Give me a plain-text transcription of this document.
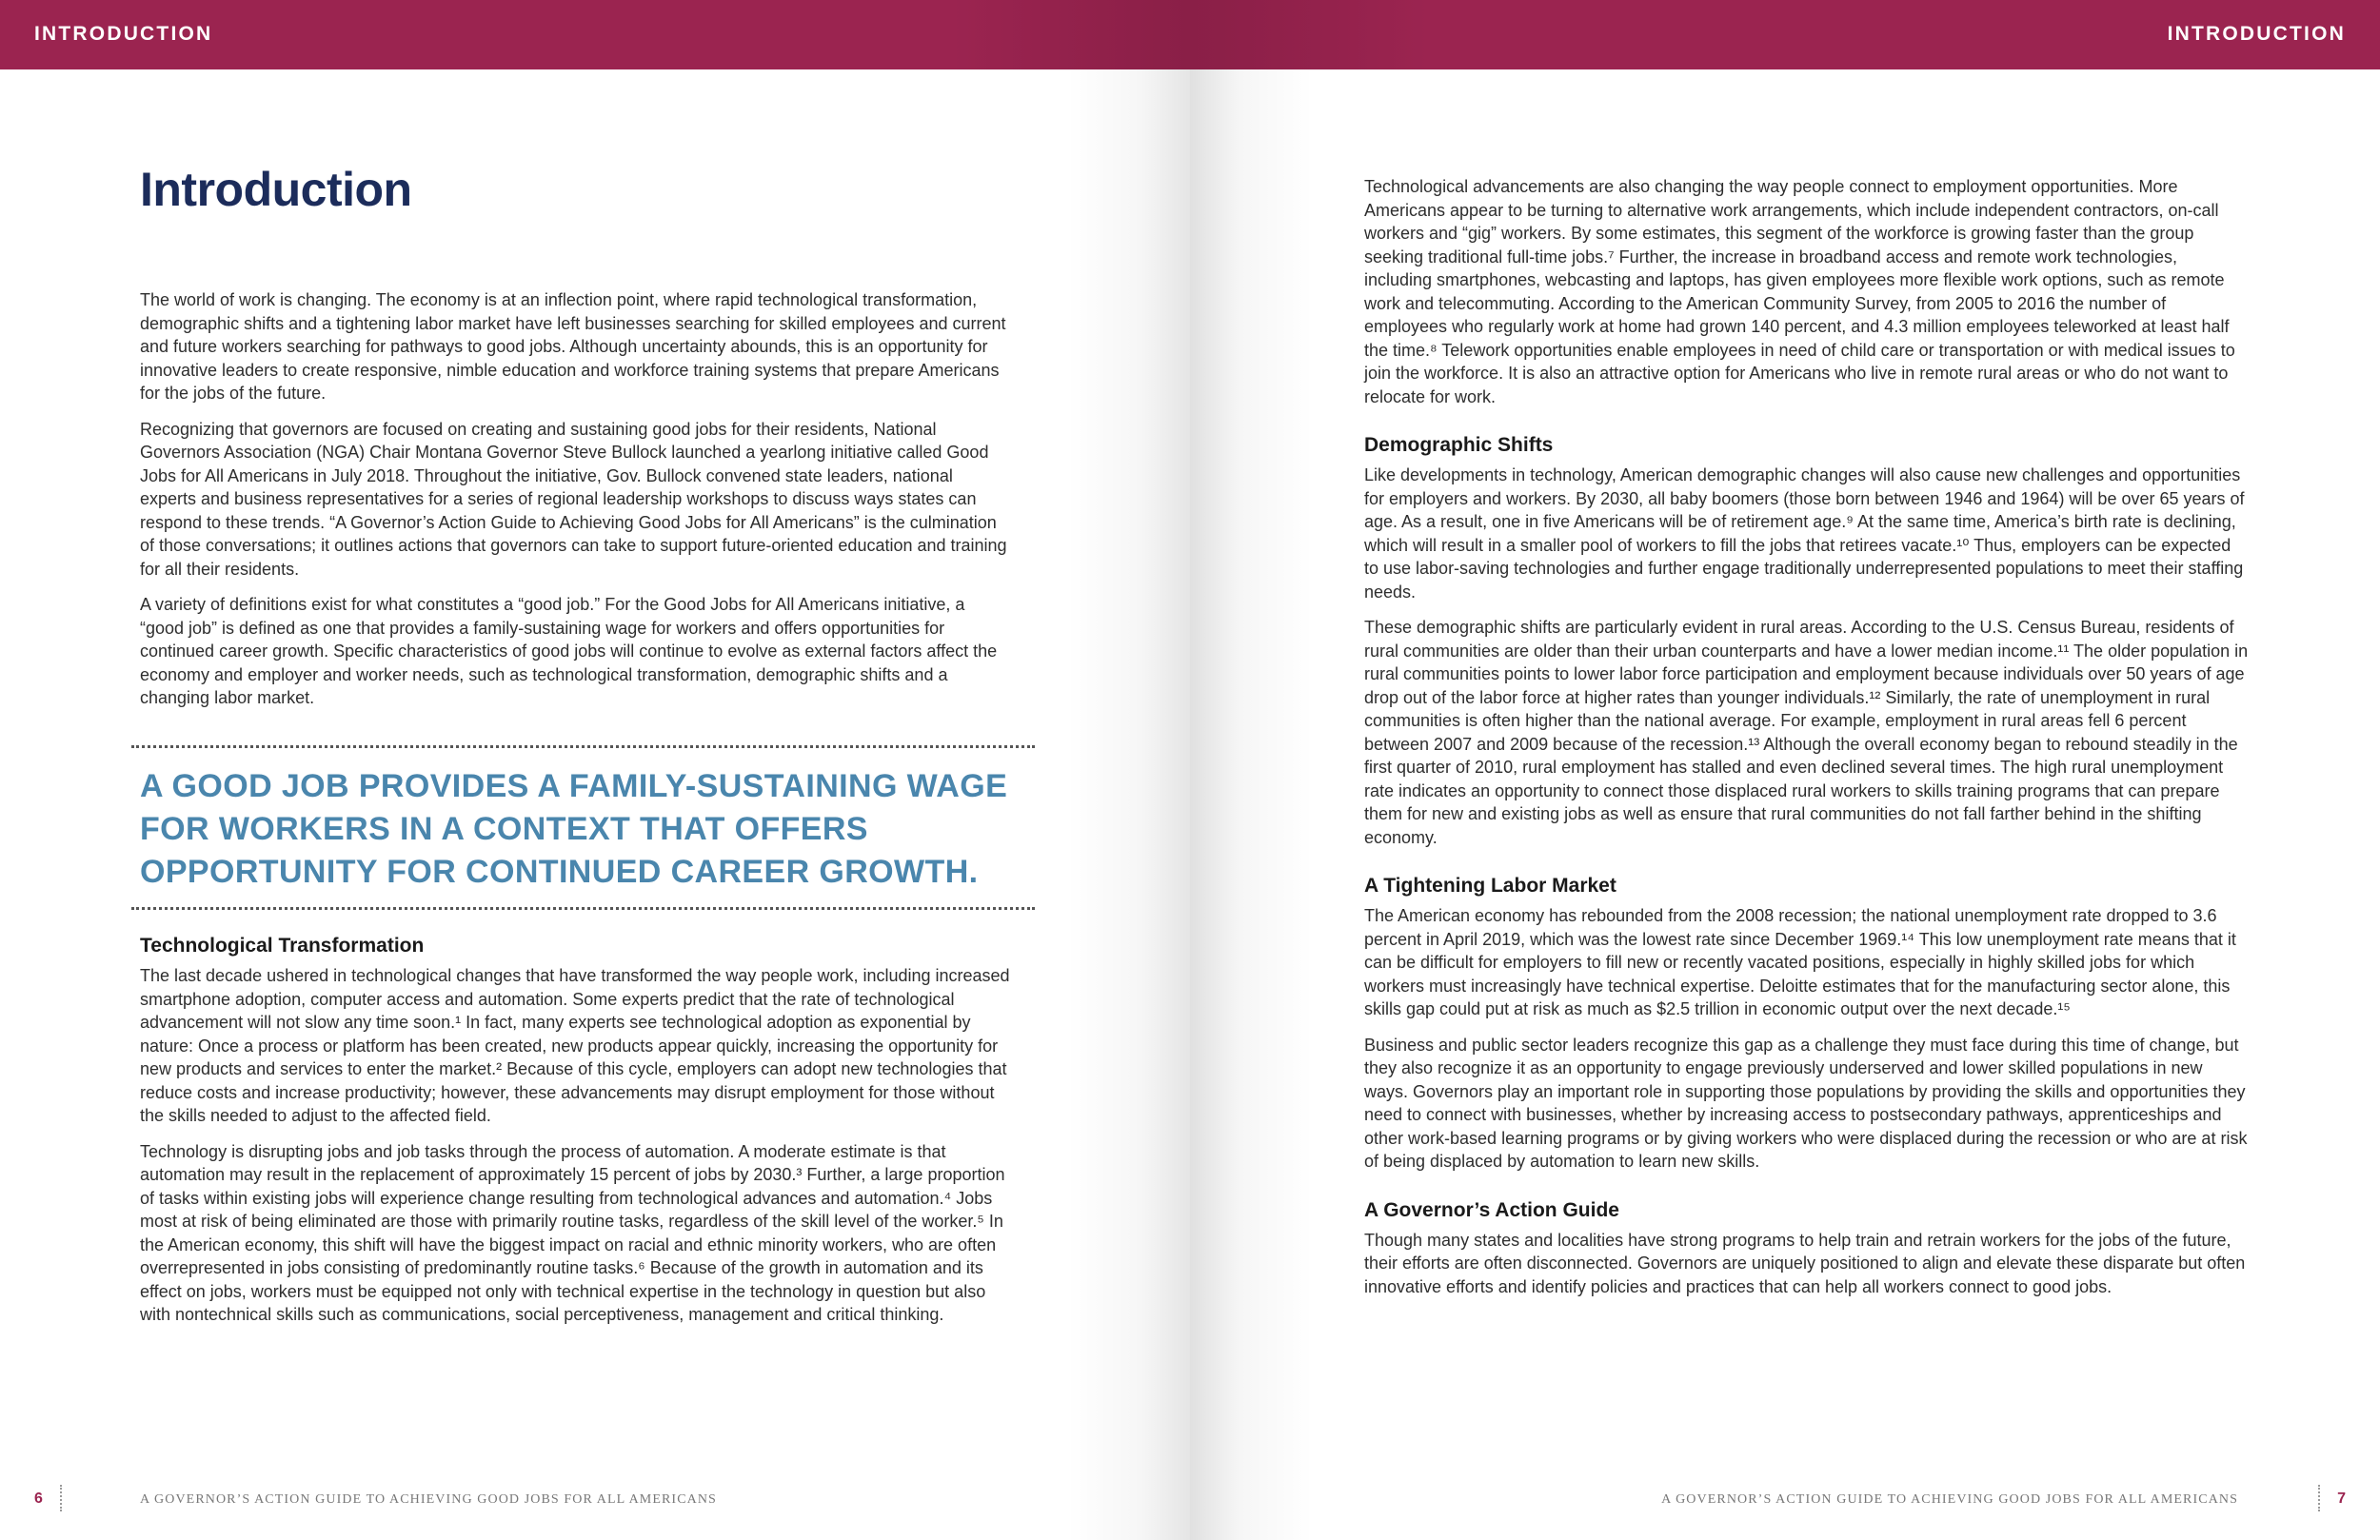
INTRODUCTION
Introduction

The world of work is changing. The economy is at an inflection point, where rapid technological transformation, demographic shifts and a tightening labor market have left businesses searching for skilled employees and current and future workers searching for pathways to good jobs. Although uncertainty abounds, this is an opportunity for innovative leaders to create responsive, nimble education and workforce training systems that prepare Americans for the jobs of the future.

Recognizing that governors are focused on creating and sustaining good jobs for their residents, National Governors Association (NGA) Chair Montana Governor Steve Bullock launched a yearlong initiative called Good Jobs for All Americans in July 2018. Throughout the initiative, Gov. Bullock convened state leaders, national experts and business representatives for a series of regional leadership workshops to discuss ways states can respond to these trends. “A Governor’s Action Guide to Achieving Good Jobs for All Americans” is the culmination of those conversations; it outlines actions that governors can take to support future-oriented education and training for all their residents.

A variety of definitions exist for what constitutes a “good job.” For the Good Jobs for All Americans initiative, a “good job” is defined as one that provides a family-sustaining wage for workers and offers opportunities for continued career growth. Specific characteristics of good jobs will continue to evolve as external factors affect the economy and employer and worker needs, such as technological transformation, demographic shifts and a changing labor market.

A GOOD JOB PROVIDES A FAMILY-SUSTAINING WAGE FOR WORKERS IN A CONTEXT THAT OFFERS OPPORTUNITY FOR CONTINUED CAREER GROWTH.
Technological Transformation

The last decade ushered in technological changes that have transformed the way people work, including increased smartphone adoption, computer access and automation. Some experts predict that the rate of technological advancement will not slow any time soon.¹ In fact, many experts see technological adoption as exponential by nature: Once a process or platform has been created, new products appear quickly, increasing the opportunity for new products and services to enter the market.² Because of this cycle, employers can adopt new technologies that reduce costs and increase productivity; however, these advancements may disrupt employment for those without the skills needed to adjust to the affected field.

Technology is disrupting jobs and job tasks through the process of automation. A moderate estimate is that automation may result in the replacement of approximately 15 percent of jobs by 2030.³ Further, a large proportion of tasks within existing jobs will experience change resulting from technological advances and automation.⁴ Jobs most at risk of being eliminated are those with primarily routine tasks, regardless of the skill level of the worker.⁵ In the American economy, this shift will have the biggest impact on racial and ethnic minority workers, who are often overrepresented in jobs consisting of predominantly routine tasks.⁶ Because of the growth in automation and its effect on jobs, workers must be equipped not only with technical expertise in the technology in question but also with nontechnical skills such as communications, social perceptiveness, management and critical thinking.

6	A GOVERNOR’S ACTION GUIDE TO ACHIEVING GOOD JOBS FOR ALL AMERICANS
INTRODUCTION

Technological advancements are also changing the way people connect to employment opportunities. More Americans appear to be turning to alternative work arrangements, which include independent contractors, on-call workers and “gig” workers. By some estimates, this segment of the workforce is growing faster than the group seeking traditional full-time jobs.⁷ Further, the increase in broadband access and remote work technologies, including smartphones, webcasting and laptops, has given employees more flexible work options, such as remote work and telecommuting. According to the American Community Survey, from 2005 to 2016 the number of employees who regularly work at home had grown 140 percent, and 4.3 million employees teleworked at least half the time.⁸ Telework opportunities enable employees in need of child care or transportation or with medical issues to join the workforce. It is also an attractive option for Americans who live in remote rural areas or who do not want to relocate for work.

Demographic Shifts

Like developments in technology, American demographic changes will also cause new challenges and opportunities for employers and workers. By 2030, all baby boomers (those born between 1946 and 1964) will be over 65 years of age. As a result, one in five Americans will be of retirement age.⁹ At the same time, America’s birth rate is declining, which will result in a smaller pool of workers to fill the jobs that retirees vacate.¹⁰ Thus, employers can be expected to use labor-saving technologies and further engage traditionally underrepresented populations to meet their staffing needs.

These demographic shifts are particularly evident in rural areas. According to the U.S. Census Bureau, residents of rural communities are older than their urban counterparts and have a lower median income.¹¹ The older population in rural communities points to lower labor force participation and employment because individuals over 50 years of age drop out of the labor force at higher rates than younger individuals.¹² Similarly, the rate of unemployment in rural communities is often higher than the national average. For example, employment in rural areas fell 6 percent between 2007 and 2009 because of the recession.¹³ Although the overall economy began to rebound steadily in the first quarter of 2010, rural employment has stalled and even declined several times. The high rural unemployment rate indicates an opportunity to connect those displaced rural workers to skills training programs that can prepare them for new and existing jobs as well as ensure that rural communities do not fall farther behind in the shifting economy.

A Tightening Labor Market

The American economy has rebounded from the 2008 recession; the national unemployment rate dropped to 3.6 percent in April 2019, which was the lowest rate since December 1969.¹⁴ This low unemployment rate means that it can be difficult for employers to fill new or recently vacated positions, especially in highly skilled jobs for which workers must increasingly have technical expertise. Deloitte estimates that for the manufacturing sector alone, this skills gap could put at risk as much as $2.5 trillion in economic output over the next decade.¹⁵

Business and public sector leaders recognize this gap as a challenge they must face during this time of change, but they also recognize it as an opportunity to engage previously underserved and lower skilled populations in new ways. Governors play an important role in supporting those populations by providing the skills and opportunities they need to connect with businesses, whether by increasing access to postsecondary pathways, apprenticeships and other work-based learning programs or by giving workers who were displaced during the recession or who are at risk of being displaced by automation to learn new skills.

A Governor’s Action Guide

Though many states and localities have strong programs to help train and retrain workers for the jobs of the future, their efforts are often disconnected. Governors are uniquely positioned to align and elevate these disparate but often innovative efforts and identify policies and practices that can help all workers connect to good jobs.

A GOVERNOR’S ACTION GUIDE TO ACHIEVING GOOD JOBS FOR ALL AMERICANS	7
